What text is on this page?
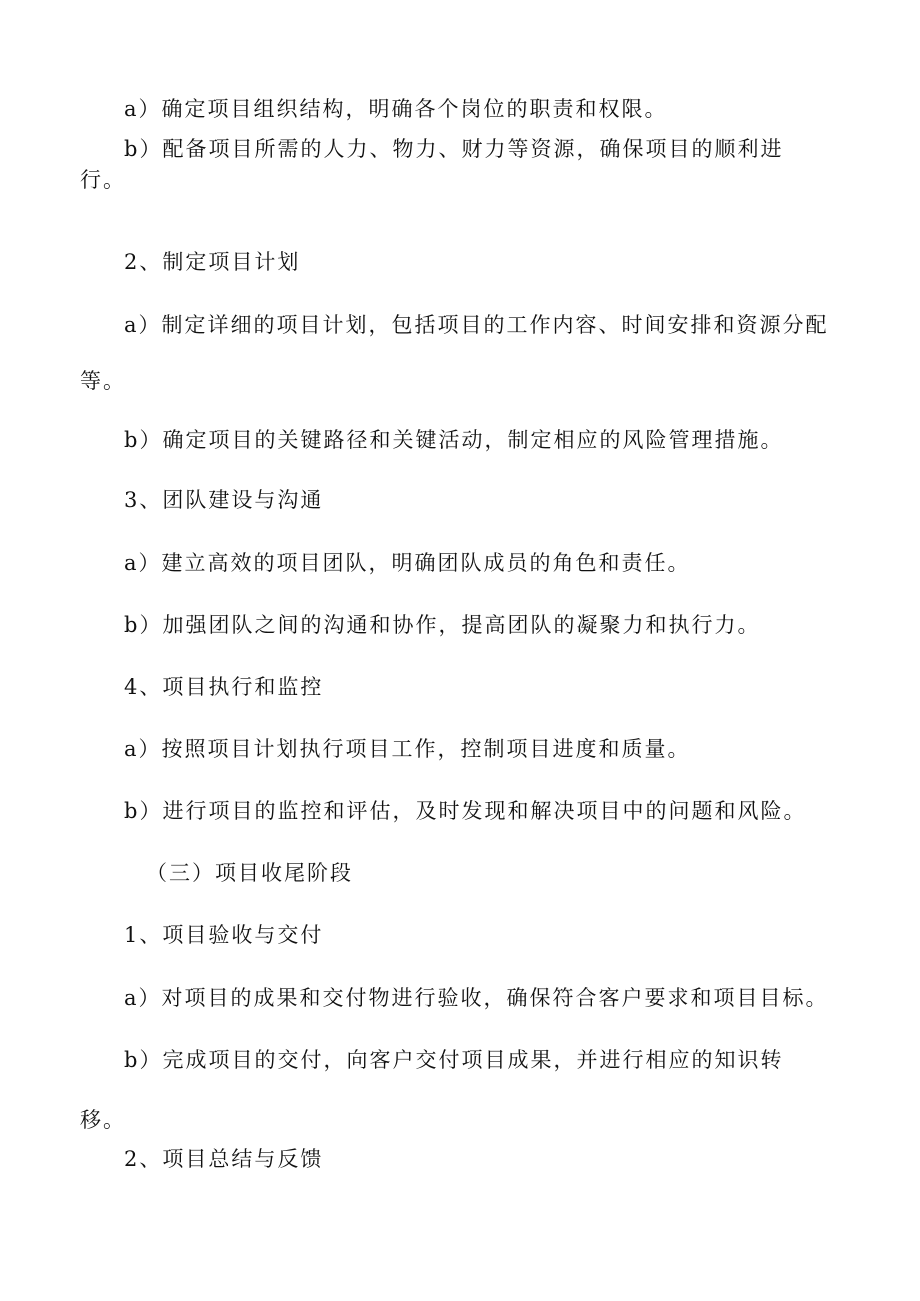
a）确定项目组织结构，明确各个岗位的职责和权限。
b）配备项目所需的人力、物力、财力等资源，确保项目的顺利进
行。
2、制定项目计划
a）制定详细的项目计划，包括项目的工作内容、时间安排和资源分配
等。
b）确定项目的关键路径和关键活动，制定相应的风险管理措施。
3、团队建设与沟通
a）建立高效的项目团队，明确团队成员的角色和责任。
b）加强团队之间的沟通和协作，提高团队的凝聚力和执行力。
4、项目执行和监控
a）按照项目计划执行项目工作，控制项目进度和质量。
b）进行项目的监控和评估，及时发现和解决项目中的问题和风险。
（三）项目收尾阶段
1、项目验收与交付
a）对项目的成果和交付物进行验收，确保符合客户要求和项目目标。
b）完成项目的交付，向客户交付项目成果，并进行相应的知识转
移。
2、项目总结与反馈
